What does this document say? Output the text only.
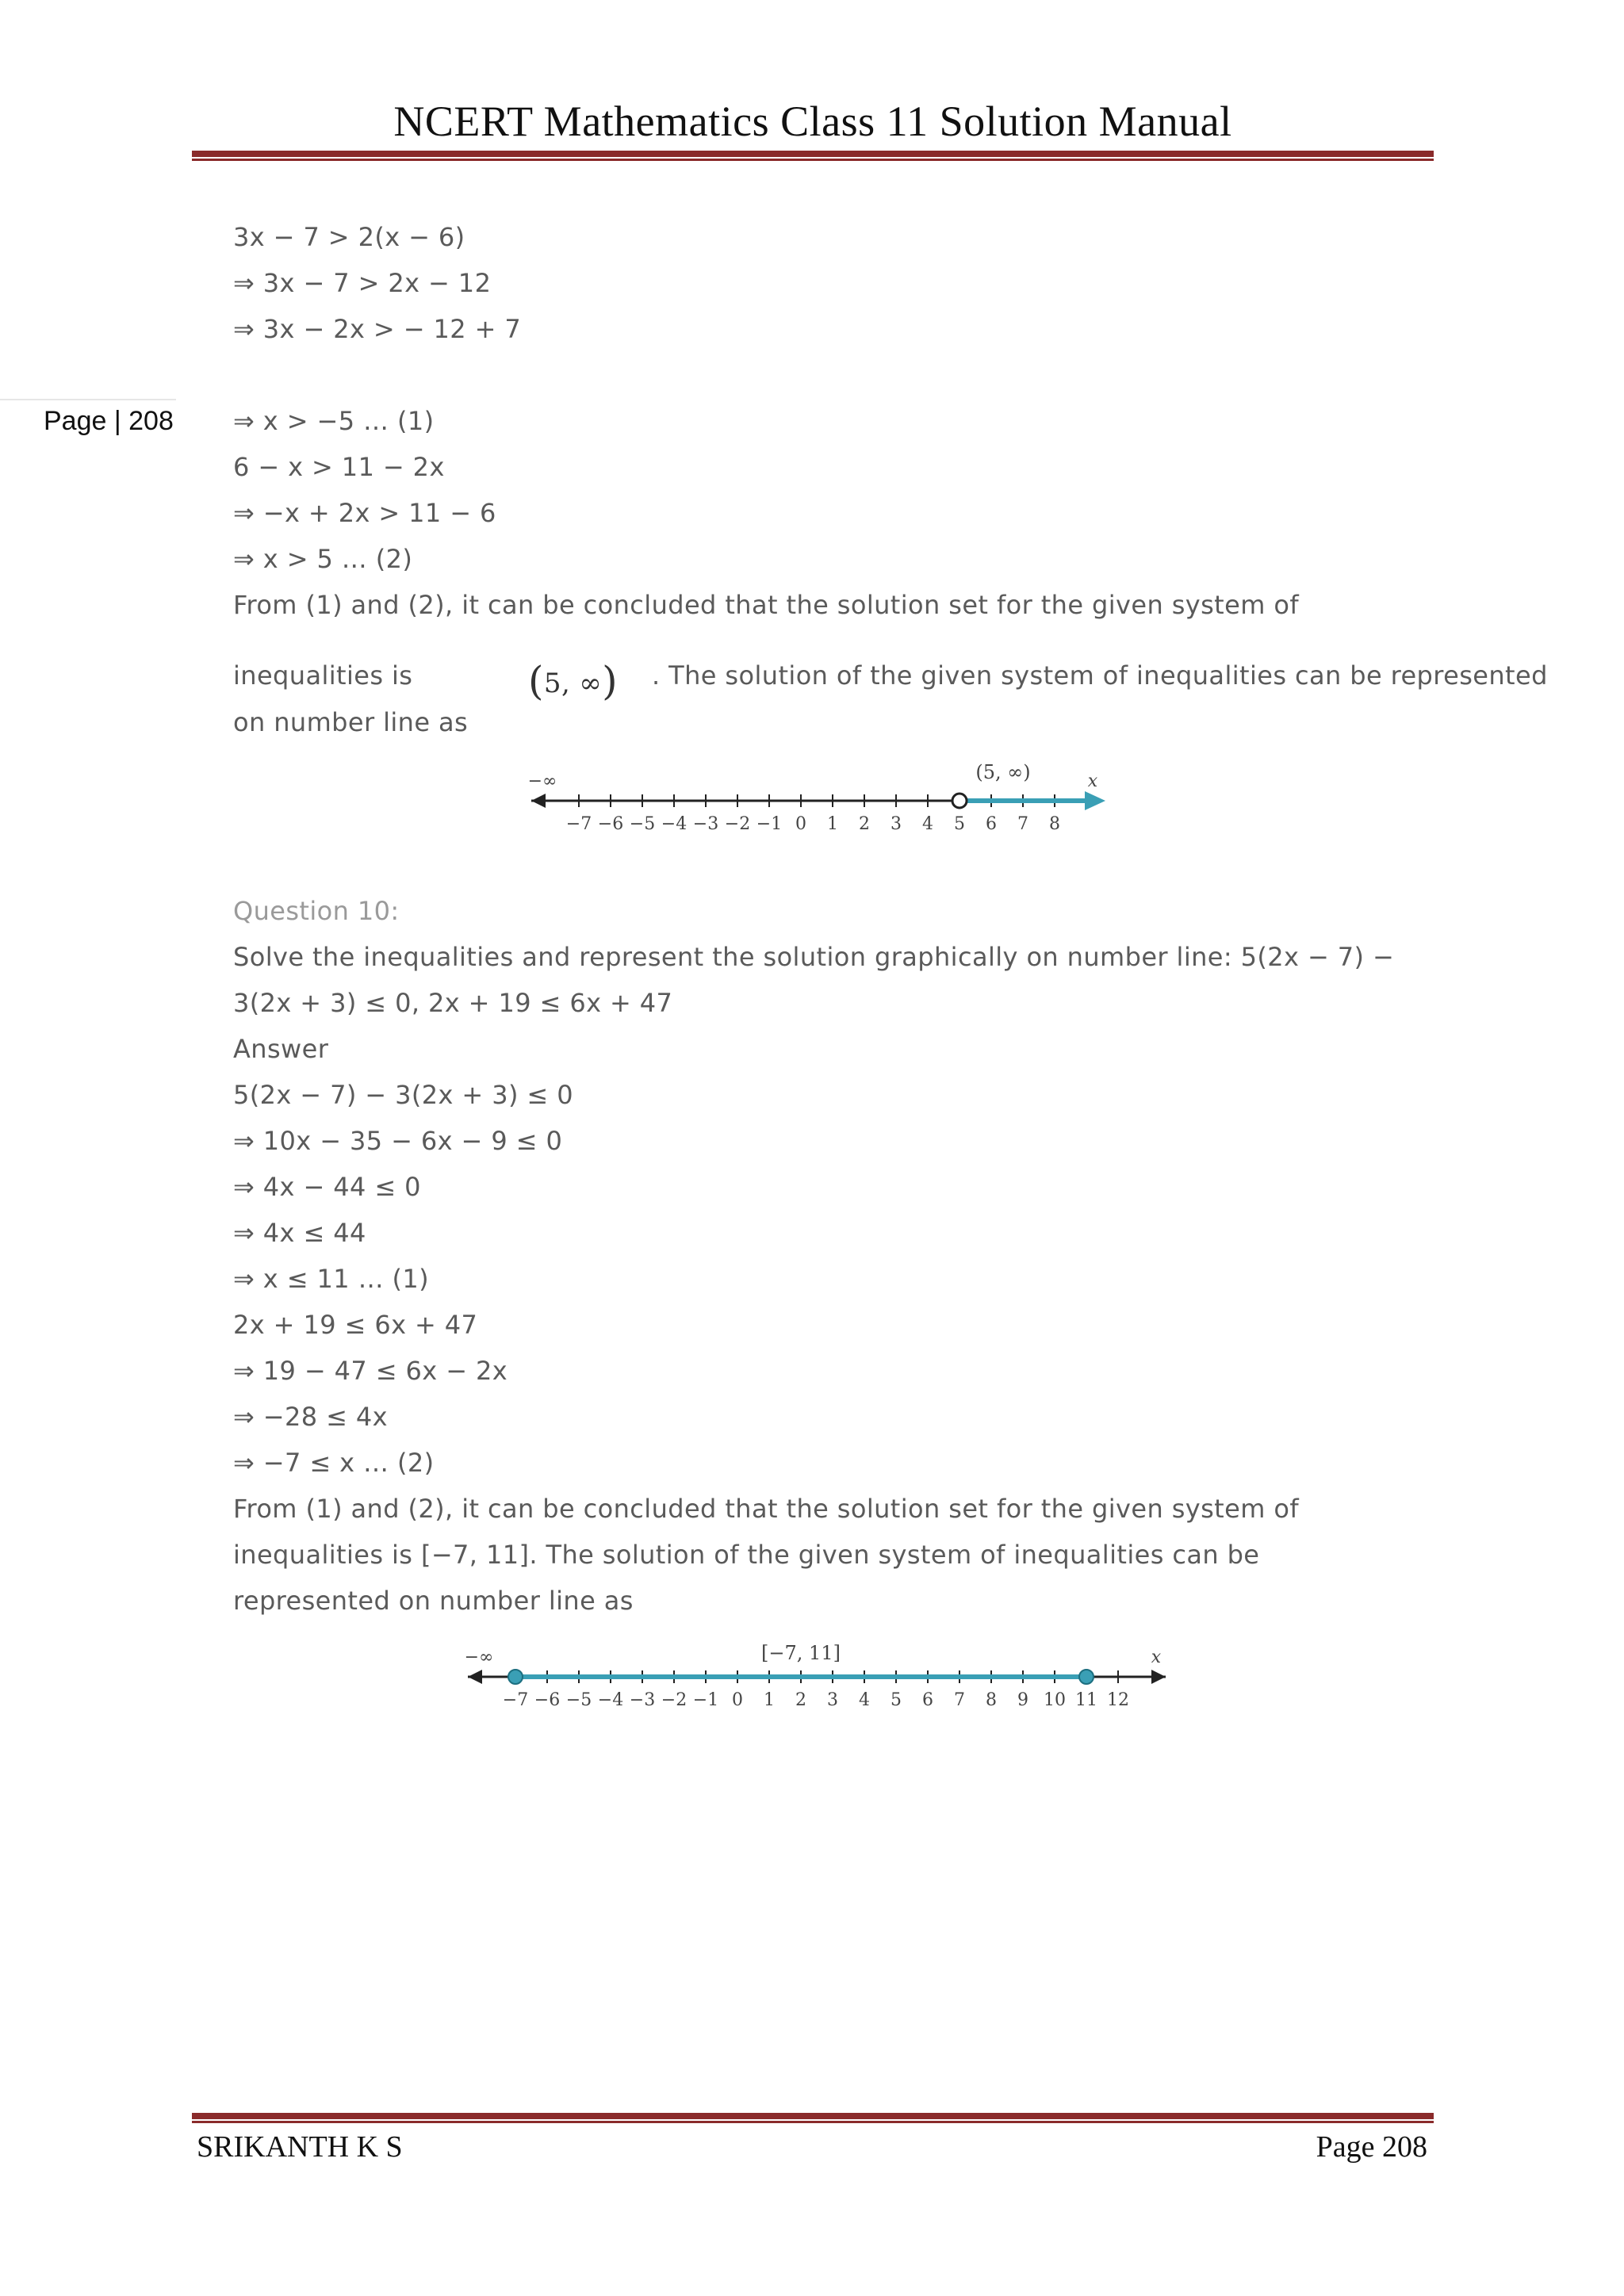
NCERT Mathematics Class 11 Solution Manual
Page | 208
3x − 7 > 2(x − 6)
⇒ 3x − 7 > 2x − 12
⇒ 3x − 2x > − 12 + 7
⇒ x > −5 … (1)
6 − x > 11 − 2x
⇒ −x + 2x > 11 − 6
⇒ x > 5 … (2)
From (1) and (2), it can be concluded that the solution set for the given system of
inequalities is	(5, ∞) . The solution of the given system of inequalities can be represented
on number line as
Question 10:
Solve the inequalities and represent the solution graphically on number line: 5(2x − 7) −
3(2x + 3) ≤ 0, 2x + 19 ≤ 6x + 47
Answer
5(2x − 7) − 3(2x + 3) ≤ 0
⇒ 10x − 35 − 6x − 9 ≤ 0
⇒ 4x − 44 ≤ 0
⇒ 4x ≤ 44
⇒ x ≤ 11 … (1)
2x + 19 ≤ 6x + 47
⇒ 19 − 47 ≤ 6x − 2x
⇒ −28 ≤ 4x
⇒ −7 ≤ x … (2)
From (1) and (2), it can be concluded that the solution set for the given system of
inequalities is [−7, 11]. The solution of the given system of inequalities can be
represented on number line as
−7 −6 −5 −4 −3 −2 −1 0 1 2 3 4 5 6 7 8
−∞	x
(5, ∞)
−7 −6 −5 −4 −3 −2 −1 0 1 2 3 4 5 6 7 8 9 10 11 12
−∞	x
[−7, 11]
SRIKANTH K S	Page 208
